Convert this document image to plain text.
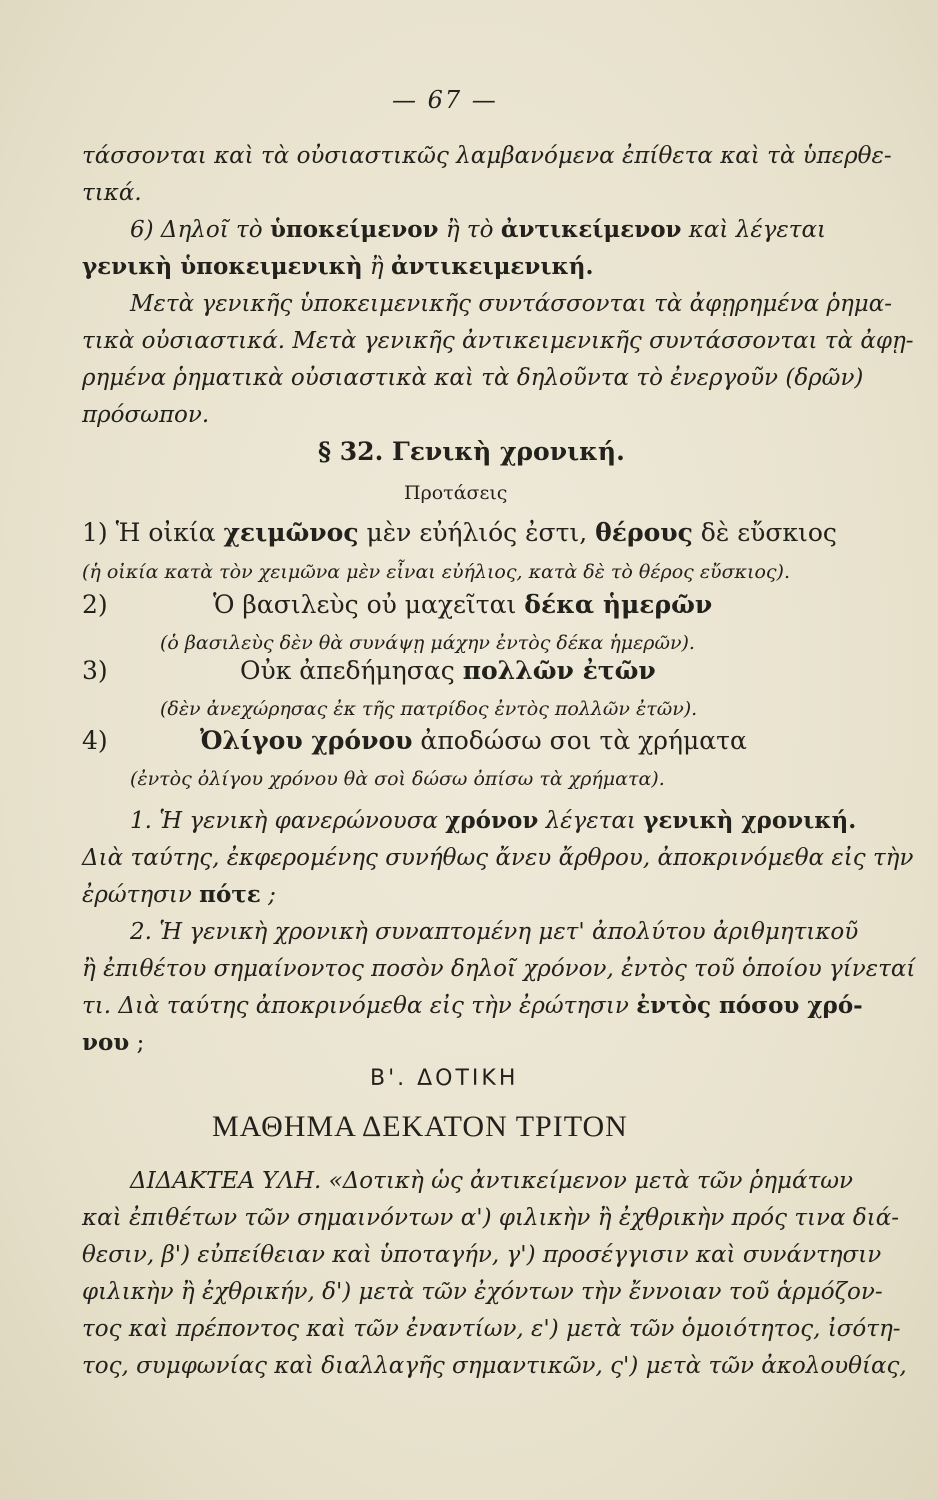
— 67 —
τάσσονται καὶ τὰ οὐσιαστικῶς λαμβανόμενα ἐπίθετα καὶ τὰ ὑπερθε-
τικά.
6) Δηλοῖ τὸ ὑποκείμενον ἢ τὸ ἀντικείμενον καὶ λέγεται
γενικὴ ὑποκειμενικὴ ἢ ἀντικειμενική.
Μετὰ γενικῆς ὑποκειμενικῆς συντάσσονται τὰ ἀφῃρημένα ῥημα-
τικὰ οὐσιαστικά. Μετὰ γενικῆς ἀντικειμενικῆς συντάσσονται τὰ ἀφῃ-
ρημένα ῥηματικὰ οὐσιαστικὰ καὶ τὰ δηλοῦντα τὸ ἐνεργοῦν (δρῶν)
πρόσωπον.
§ 32. Γενικὴ χρονική.
Προτάσεις
1) Ἡ οἰκία χειμῶνος μὲν εὐήλιός ἐστι, θέρους δὲ εὔσκιος
(ἡ οἰκία κατὰ τὸν χειμῶνα μὲν εἶναι εὐήλιος, κατὰ δὲ τὸ θέρος εὔσκιος).
2)	Ὁ βασιλεὺς οὐ μαχεῖται δέκα ἡμερῶν
(ὁ βασιλεὺς δὲν θὰ συνάψῃ μάχην ἐντὸς δέκα ἡμερῶν).
3)	Οὐκ ἀπεδήμησας πολλῶν ἐτῶν
(δὲν ἀνεχώρησας ἐκ τῆς πατρίδος ἐντὸς πολλῶν ἐτῶν).
4)	Ὀλίγου χρόνου ἀποδώσω σοι τὰ χρήματα
(ἐντὸς ὀλίγου χρόνου θὰ σοὶ δώσω ὀπίσω τὰ χρήματα).
1. Ἡ γενικὴ φανερώνουσα χρόνον λέγεται γενικὴ χρονική.
Διὰ ταύτης, ἐκφερομένης συνήθως ἄνευ ἄρθρου, ἀποκρινόμεθα εἰς τὴν
ἐρώτησιν πότε ;
2. Ἡ γενικὴ χρονικὴ συναπτομένη μετ' ἀπολύτου ἀριθμητικοῦ
ἢ ἐπιθέτου σημαίνοντος ποσὸν δηλοῖ χρόνον, ἐντὸς τοῦ ὁποίου γίνεταί
τι. Διὰ ταύτης ἀποκρινόμεθα εἰς τὴν ἐρώτησιν ἐντὸς πόσου χρό-
νου ;
Β'. ΔΟΤΙΚΗ
ΜΑΘΗΜΑ ΔΕΚΑΤΟΝ ΤΡΙΤΟΝ
ΔΙΔΑΚΤΕΑ ΥΛΗ. «Δοτικὴ ὡς ἀντικείμενον μετὰ τῶν ῥημάτων
καὶ ἐπιθέτων τῶν σημαινόντων α') φιλικὴν ἢ ἐχθρικὴν πρός τινα διά-
θεσιν, β') εὐπείθειαν καὶ ὑποταγήν, γ') προσέγγισιν καὶ συνάντησιν
φιλικὴν ἢ ἐχθρικήν, δ') μετὰ τῶν ἐχόντων τὴν ἔννοιαν τοῦ ἁρμόζον-
τος καὶ πρέποντος καὶ τῶν ἐναντίων, ε') μετὰ τῶν ὁμοιότητος, ἰσότη-
τος, συμφωνίας καὶ διαλλαγῆς σημαντικῶν, ς') μετὰ τῶν ἀκολουθίας,
